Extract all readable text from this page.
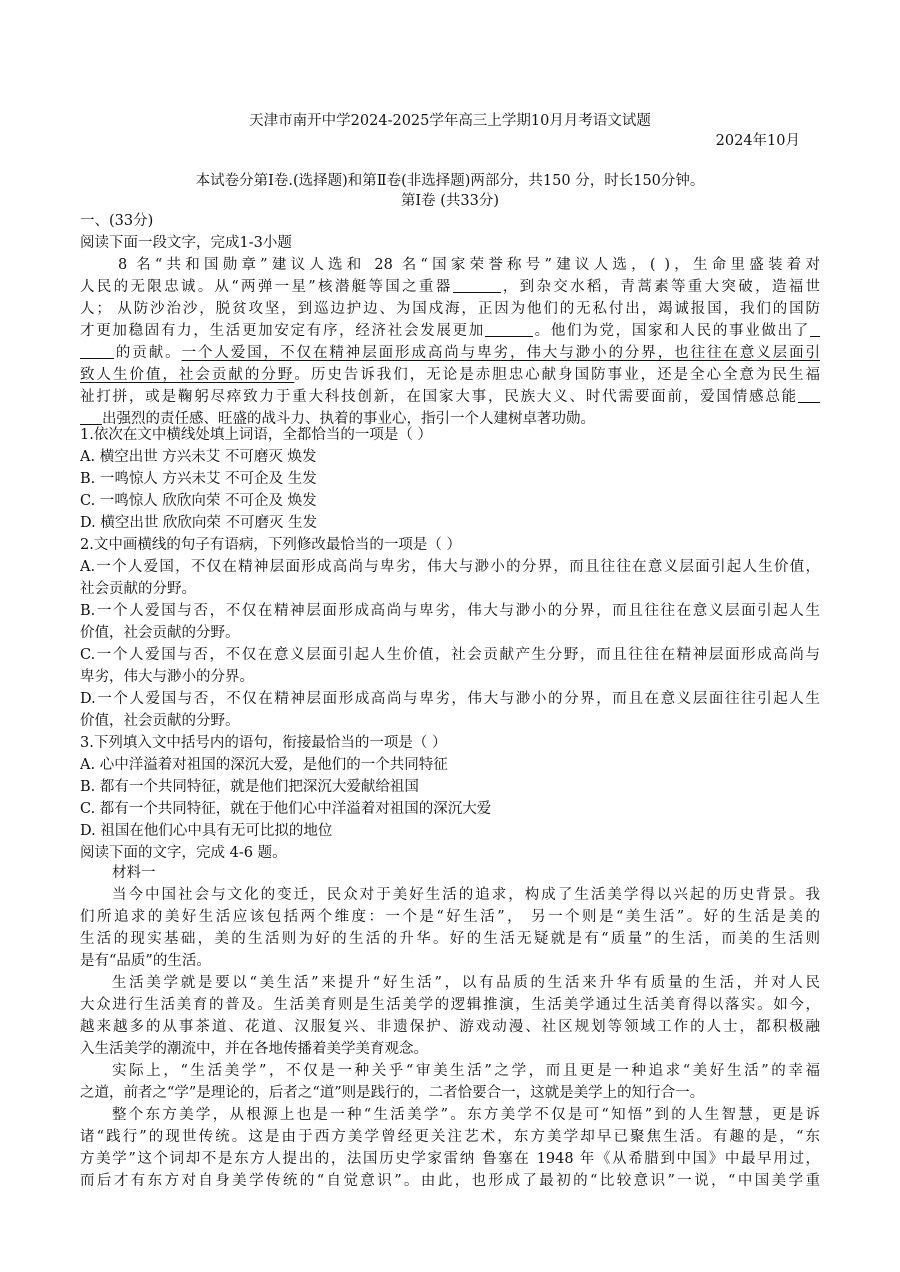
天津市南开中学2024-2025学年高三上学期10月月考语文试题
2024年10月
本试卷分第Ⅰ卷.(选择题)和第Ⅱ卷(非选择题)两部分，共150 分，时长150分钟。
第Ⅰ卷 (共33分)
一、(33分)
阅读下面一段文字，完成1-3小题
8 名“共和国勋章”建议人选和 28 名“国家荣誉称号”建议人选，( )，生命里盛装着对
人民的无限忠诚。从“两弹一星”核潜艇等国之重器	，到杂交水稻，青蒿素等重大突破，造福世
人； 从防沙治沙，脱贫攻坚，到巡边护边、为国戍海，正因为他们的无私付出，竭诚报国，我们的国防
才更加稳固有力，生活更加安定有序，经济社会发展更加	。他们为党，国家和人民的事业做出了
的贡献。一个人爱国，不仅在精神层面形成高尚与卑劣，伟大与渺小的分界，也往往在意义层面引
致人生价值，社会贡献的分野。历史告诉我们，无论是赤胆忠心献身国防事业，还是全心全意为民生福
祉打拼，或是鞠躬尽瘁致力于重大科技创新，在国家大事，民族大义、时代需要面前，爱国情感总能
出强烈的责任感、旺盛的战斗力、执着的事业心，指引一个人建树卓著功勋。
1.依次在文中横线处填上词语，全都恰当的一项是（ ）
A. 横空出世 方兴未艾 不可磨灭 焕发
B. 一鸣惊人 方兴未艾 不可企及 生发
C. 一鸣惊人 欣欣向荣 不可企及 焕发
D. 横空出世 欣欣向荣 不可磨灭 生发
2.文中画横线的句子有语病，下列修改最恰当的一项是（ ）
A.一个人爱国，不仅在精神层面形成高尚与卑劣，伟大与渺小的分界，而且往往在意义层面引起人生价值，
社会贡献的分野。
B.一个人爱国与否，不仅在精神层面形成高尚与卑劣，伟大与渺小的分界，而且往往在意义层面引起人生
价值，社会贡献的分野。
C.一个人爱国与否，不仅在意义层面引起人生价值，社会贡献产生分野，而且往往在精神层面形成高尚与
卑劣，伟大与渺小的分界。
D.一个人爱国与否，不仅在精神层面形成高尚与卑劣，伟大与渺小的分界，而且在意义层面往往引起人生
价值，社会贡献的分野。
3.下列填入文中括号内的语句，衔接最恰当的一项是（ ）
A. 心中洋溢着对祖国的深沉大爱，是他们的一个共同特征
B. 都有一个共同特征，就是他们把深沉大爱献给祖国
C. 都有一个共同特征，就在于他们心中洋溢着对祖国的深沉大爱
D. 祖国在他们心中具有无可比拟的地位
阅读下面的文字，完成 4-6 题。
材料一
当今中国社会与文化的变迁，民众对于美好生活的追求，构成了生活美学得以兴起的历史背景。我
们所追求的美好生活应该包括两个维度：一个是“好生活”， 另一个则是“美生活”。好的生活是美的
生活的现实基础，美的生活则为好的生活的升华。好的生活无疑就是有“质量”的生活，而美的生活则
是有“品质”的生活。
生活美学就是要以“美生活”来提升“好生活”，以有品质的生活来升华有质量的生活，并对人民
大众进行生活美育的普及。生活美育则是生活美学的逻辑推演，生活美学通过生活美育得以落实。如今，
越来越多的从事茶道、花道、汉服复兴、非遗保护、游戏动漫、社区规划等领域工作的人士，都积极融
入生活美学的潮流中，并在各地传播着美学美育观念。
实际上，“生活美学”，不仅是一种关乎“审美生活”之学，而且更是一种追求“美好生活”的幸福
之道，前者之“学”是理论的，后者之“道”则是践行的，二者恰要合一，这就是美学上的知行合一。
整个东方美学，从根源上也是一种“生活美学”。东方美学不仅是可“知悟”到的人生智慧，更是诉
诸“践行”的现世传统。这是由于西方美学曾经更关注艺术，东方美学却早已聚焦生活。有趣的是，“东
方美学”这个词却不是东方人提出的，法国历史学家雷纳 鲁塞在 1948 年《从希腊到中国》中最早用过，
而后才有东方对自身美学传统的“自觉意识”。由此，也形成了最初的“比较意识”一说，“中国美学重
